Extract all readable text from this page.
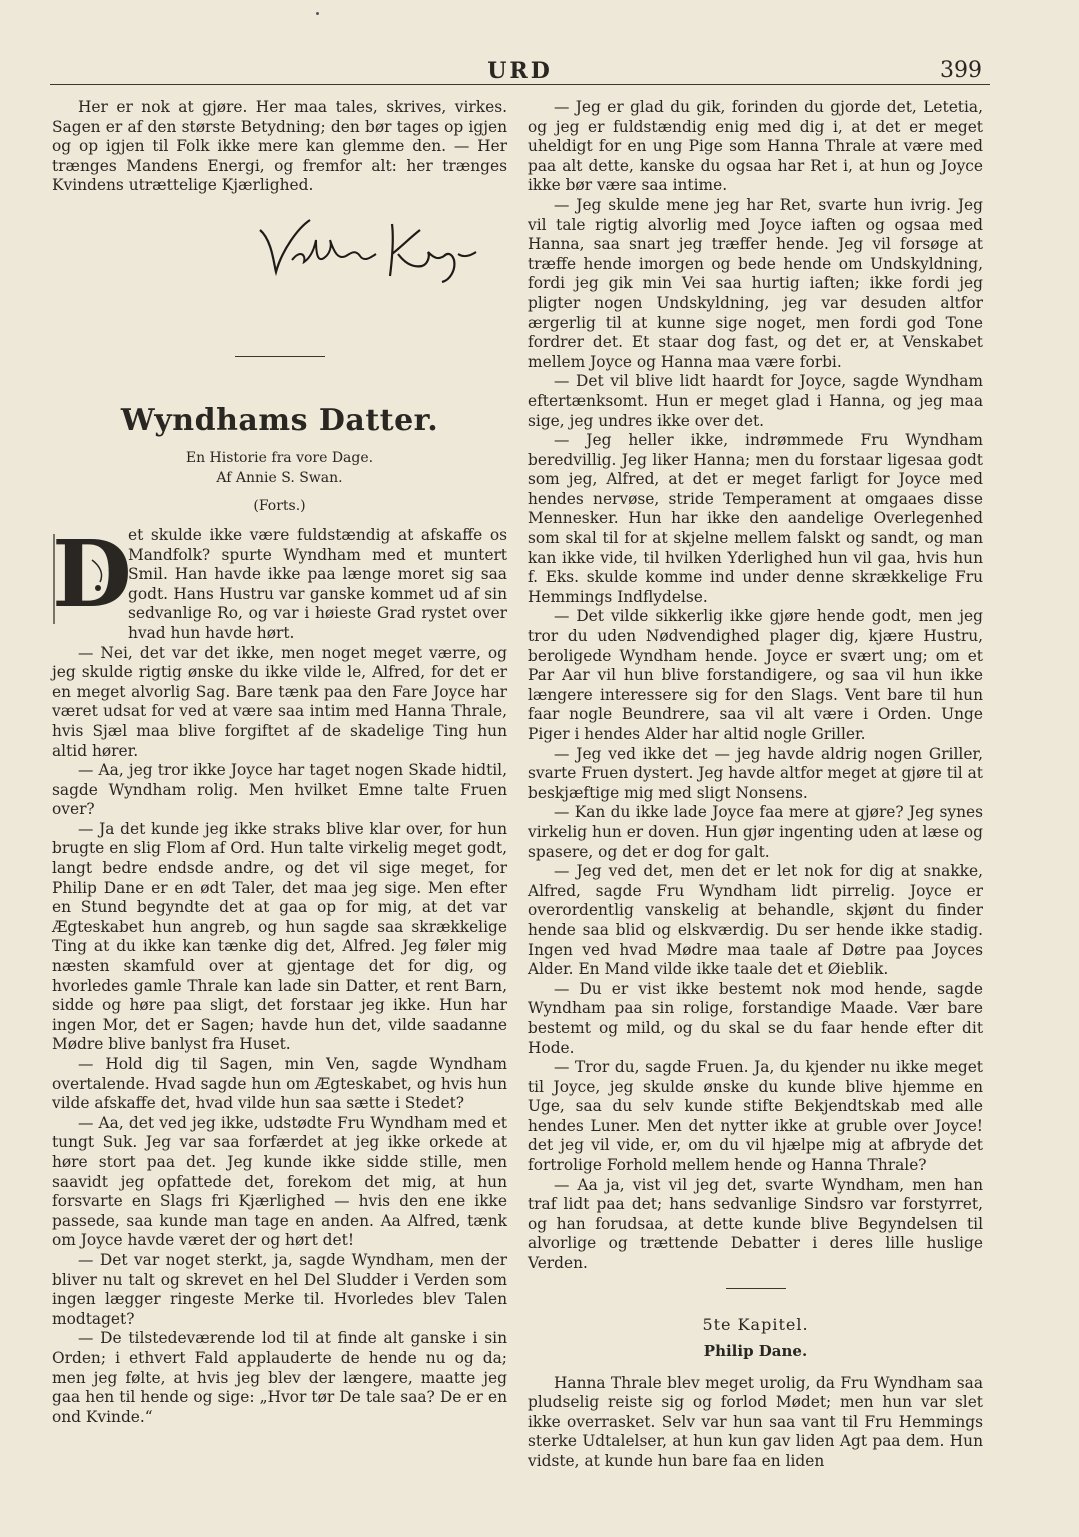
URD	399

Her er nok at gjøre. Her maa tales, skrives, virkes. Sagen er af den største Betydning; den bør tages op igjen og op igjen til Folk ikke mere kan glemme den. — Her trænges Mandens Energi, og fremfor alt: her trænges Kvindens utrættelige Kjærlighed.

Wyndhams Datter.
En Historie fra vore Dage.
Af Annie S. Swan.
(Forts.)
D

et skulde ikke være fuldstændig at afskaffe os Mandfolk? spurte Wyndham med et muntert Smil. Han havde ikke paa længe moret sig saa godt. Hans Hustru var ganske kommet ud af sin sedvanlige Ro, og var i høieste Grad rystet over hvad hun havde hørt.

— Nei, det var det ikke, men noget meget værre, og jeg skulde rigtig ønske du ikke vilde le, Alfred, for det er en meget alvorlig Sag. Bare tænk paa den Fare Joyce har været udsat for ved at være saa intim med Hanna Thrale, hvis Sjæl maa blive forgiftet af de skadelige Ting hun altid hører.

— Aa, jeg tror ikke Joyce har taget nogen Skade hidtil, sagde Wyndham rolig. Men hvilket Emne talte Fruen over?

— Ja det kunde jeg ikke straks blive klar over, for hun brugte en slig Flom af Ord. Hun talte virkelig meget godt, langt bedre endsde andre, og det vil sige meget, for Philip Dane er en ødt Taler, det maa jeg sige. Men efter en Stund begyndte det at gaa op for mig, at det var Ægteskabet hun angreb, og hun sagde saa skrækkelige Ting at du ikke kan tænke dig det, Alfred. Jeg føler mig næsten skamfuld over at gjentage det for dig, og hvorledes gamle Thrale kan lade sin Datter, et rent Barn, sidde og høre paa sligt, det forstaar jeg ikke. Hun har ingen Mor, det er Sagen; havde hun det, vilde saadanne Mødre blive banlyst fra Huset.

— Hold dig til Sagen, min Ven, sagde Wyndham overtalende. Hvad sagde hun om Ægteskabet, og hvis hun vilde afskaffe det, hvad vilde hun saa sætte i Stedet?

— Aa, det ved jeg ikke, udstødte Fru Wyndham med et tungt Suk. Jeg var saa forfærdet at jeg ikke orkede at høre stort paa det. Jeg kunde ikke sidde stille, men saavidt jeg opfattede det, forekom det mig, at hun forsvarte en Slags fri Kjærlighed — hvis den ene ikke passede, saa kunde man tage en anden. Aa Alfred, tænk om Joyce havde været der og hørt det!

— Det var noget sterkt, ja, sagde Wyndham, men der bliver nu talt og skrevet en hel Del Sludder i Verden som ingen lægger ringeste Merke til. Hvorledes blev Talen modtaget?

— De tilstedeværende lod til at finde alt ganske i sin Orden; i ethvert Fald applauderte de hende nu og da; men jeg følte, at hvis jeg blev der længere, maatte jeg gaa hen til hende og sige: „Hvor tør De tale saa? De er en ond Kvinde.“

— Jeg er glad du gik, forinden du gjorde det, Letetia, og jeg er fuldstændig enig med dig i, at det er meget uheldigt for en ung Pige som Hanna Thrale at være med paa alt dette, kanske du ogsaa har Ret i, at hun og Joyce ikke bør være saa intime.

— Jeg skulde mene jeg har Ret, svarte hun ivrig. Jeg vil tale rigtig alvorlig med Joyce iaften og ogsaa med Hanna, saa snart jeg træffer hende. Jeg vil forsøge at træffe hende imorgen og bede hende om Undskyldning, fordi jeg gik min Vei saa hurtig iaften; ikke fordi jeg pligter nogen Undskyldning, jeg var desuden altfor ærgerlig til at kunne sige noget, men fordi god Tone fordrer det. Et staar dog fast, og det er, at Venskabet mellem Joyce og Hanna maa være forbi.

— Det vil blive lidt haardt for Joyce, sagde Wyndham eftertænksomt. Hun er meget glad i Hanna, og jeg maa sige, jeg undres ikke over det.

— Jeg heller ikke, indrømmede Fru Wyndham beredvillig. Jeg liker Hanna; men du forstaar ligesaa godt som jeg, Alfred, at det er meget farligt for Joyce med hendes nervøse, stride Temperament at omgaaes disse Mennesker. Hun har ikke den aandelige Overlegenhed som skal til for at skjelne mellem falskt og sandt, og man kan ikke vide, til hvilken Yderlighed hun vil gaa, hvis hun f. Eks. skulde komme ind under denne skrækkelige Fru Hemmings Indflydelse.

— Det vilde sikkerlig ikke gjøre hende godt, men jeg tror du uden Nødvendighed plager dig, kjære Hustru, beroligede Wyndham hende. Joyce er svært ung; om et Par Aar vil hun blive forstandigere, og saa vil hun ikke længere interessere sig for den Slags. Vent bare til hun faar nogle Beundrere, saa vil alt være i Orden. Unge Piger i hendes Alder har altid nogle Griller.

— Jeg ved ikke det — jeg havde aldrig nogen Griller, svarte Fruen dystert. Jeg havde altfor meget at gjøre til at beskjæftige mig med sligt Nonsens.

— Kan du ikke lade Joyce faa mere at gjøre? Jeg synes virkelig hun er doven. Hun gjør ingenting uden at læse og spasere, og det er dog for galt.

— Jeg ved det, men det er let nok for dig at snakke, Alfred, sagde Fru Wyndham lidt pirrelig. Joyce er overordentlig vanskelig at behandle, skjønt du finder hende saa blid og elskværdig. Du ser hende ikke stadig. Ingen ved hvad Mødre maa taale af Døtre paa Joyces Alder. En Mand vilde ikke taale det et Øieblik.

— Du er vist ikke bestemt nok mod hende, sagde Wyndham paa sin rolige, forstandige Maade. Vær bare bestemt og mild, og du skal se du faar hende efter dit Hode.

— Tror du, sagde Fruen. Ja, du kjender nu ikke meget til Joyce, jeg skulde ønske du kunde blive hjemme en Uge, saa du selv kunde stifte Bekjendtskab med alle hendes Luner. Men det nytter ikke at gruble over Joyce! det jeg vil vide, er, om du vil hjælpe mig at afbryde det fortrolige Forhold mellem hende og Hanna Thrale?

— Aa ja, vist vil jeg det, svarte Wyndham, men han traf lidt paa det; hans sedvanlige Sindsro var forstyrret, og han forudsaa, at dette kunde blive Begyndelsen til alvorlige og trættende Debatter i deres lille huslige Verden.

5te Kapitel.
Philip Dane.

Hanna Thrale blev meget urolig, da Fru Wyndham saa pludselig reiste sig og forlod Mødet; men hun var slet ikke overrasket. Selv var hun saa vant til Fru Hemmings sterke Udtalelser, at hun kun gav liden Agt paa dem. Hun vidste, at kunde hun bare faa en liden
